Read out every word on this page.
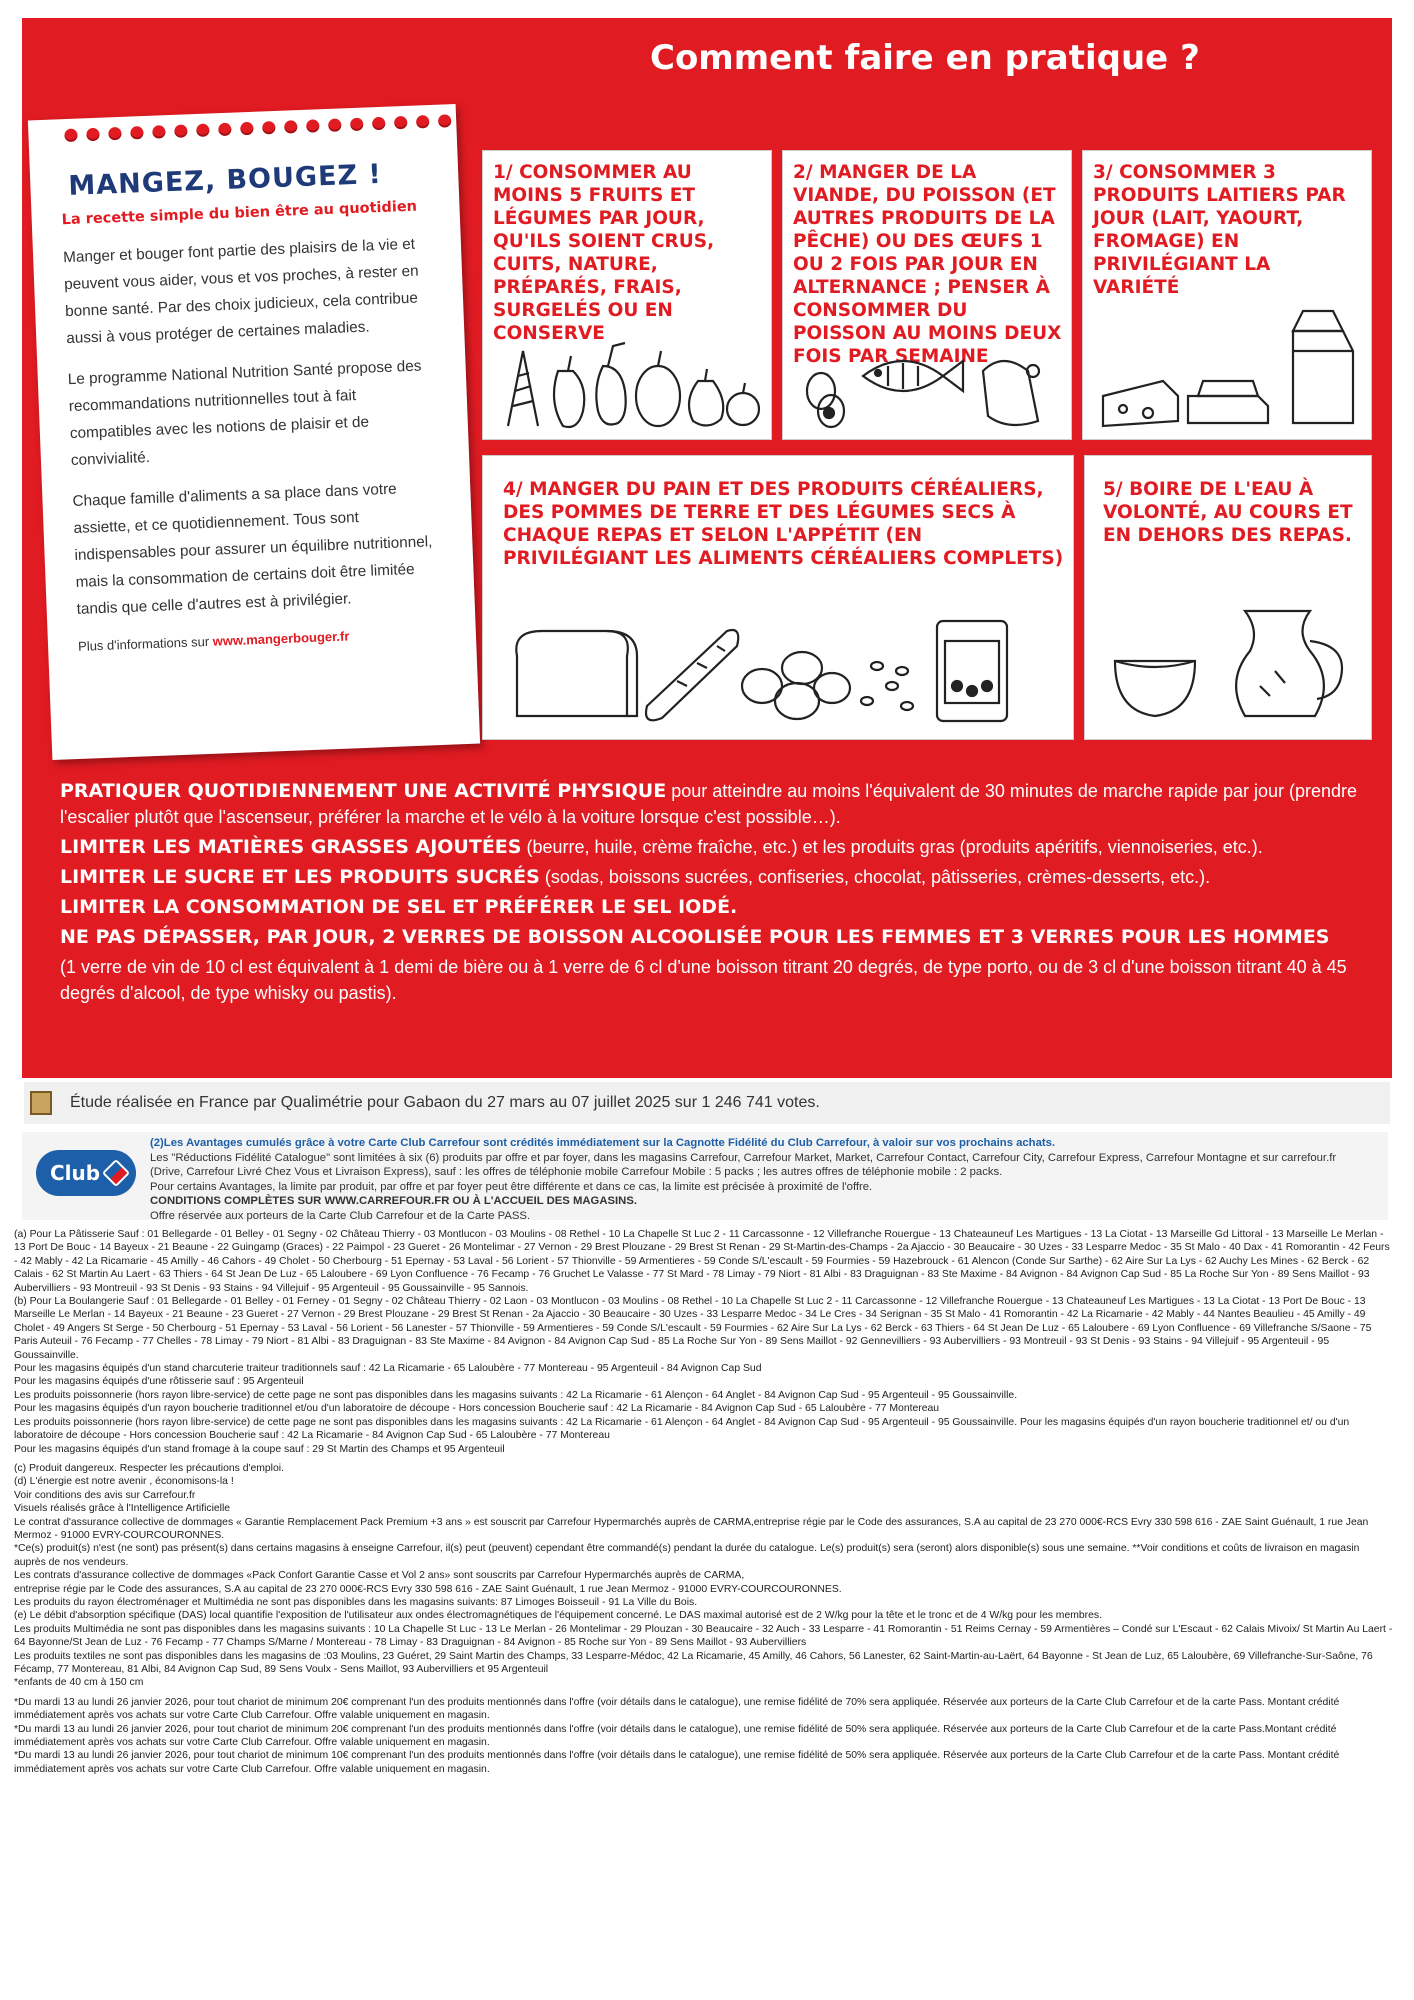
Comment faire en pratique ?
MANGEZ, BOUGEZ !
La recette simple du bien être au quotidien

Manger et bouger font partie des plaisirs de la vie et peuvent vous aider, vous et vos proches, à rester en bonne santé. Par des choix judicieux, cela contribue aussi à vous protéger de certaines maladies.

Le programme National Nutrition Santé propose des recommandations nutritionnelles tout à fait compatibles avec les notions de plaisir et de convivialité.

Chaque famille d'aliments a sa place dans votre assiette, et ce quotidiennement. Tous sont indispensables pour assurer un équilibre nutritionnel, mais la consommation de certains doit être limitée tandis que celle d'autres est à privilégier.

Plus d'informations sur www.mangerbouger.fr
1/ CONSOMMER AU MOINS 5 FRUITS ET LÉGUMES PAR JOUR, QU'ILS SOIENT CRUS, CUITS, NATURE, PRÉPARÉS, FRAIS, SURGELÉS OU EN CONSERVE
2/ MANGER DE LA VIANDE, DU POISSON (ET AUTRES PRODUITS DE LA PÊCHE) OU DES ŒUFS 1 OU 2 FOIS PAR JOUR EN ALTERNANCE ; PENSER À CONSOMMER DU POISSON AU MOINS DEUX FOIS PAR SEMAINE
3/ CONSOMMER 3 PRODUITS LAITIERS PAR JOUR (LAIT, YAOURT, FROMAGE) EN PRIVILÉGIANT LA VARIÉTÉ
4/ MANGER DU PAIN ET DES PRODUITS CÉRÉALIERS, DES POMMES DE TERRE ET DES LÉGUMES SECS À CHAQUE REPAS ET SELON L'APPÉTIT (EN PRIVILÉGIANT LES ALIMENTS CÉRÉALIERS COMPLETS)
5/ BOIRE DE L'EAU À VOLONTÉ, AU COURS ET EN DEHORS DES REPAS.
PRATIQUER QUOTIDIENNEMENT UNE ACTIVITÉ PHYSIQUE pour atteindre au moins l'équivalent de 30 minutes de marche rapide par jour (prendre l'escalier plutôt que l'ascenseur, préférer la marche et le vélo à la voiture lorsque c'est possible…).
LIMITER LES MATIÈRES GRASSES AJOUTÉES (beurre, huile, crème fraîche, etc.) et les produits gras (produits apéritifs, viennoiseries, etc.).
LIMITER LE SUCRE ET LES PRODUITS SUCRÉS (sodas, boissons sucrées, confiseries, chocolat, pâtisseries, crèmes-desserts, etc.).
LIMITER LA CONSOMMATION DE SEL ET PRÉFÉRER LE SEL IODÉ.
NE PAS DÉPASSER, PAR JOUR, 2 VERRES DE BOISSON ALCOOLISÉE POUR LES FEMMES ET 3 VERRES POUR LES HOMMES
(1 verre de vin de 10 cl est équivalent à 1 demi de bière ou à 1 verre de 6 cl d'une boisson titrant 20 degrés, de type porto, ou de 3 cl d'une boisson titrant 40 à 45 degrés d'alcool, de type whisky ou pastis).
Étude réalisée en France par Qualimétrie pour Gabaon du 27 mars au 07 juillet 2025 sur 1 246 741 votes.
Club
(2)Les Avantages cumulés grâce à votre Carte Club Carrefour sont crédités immédiatement sur la Cagnotte Fidélité du Club Carrefour, à valoir sur vos prochains achats.
Les "Réductions Fidélité Catalogue" sont limitées à six (6) produits par offre et par foyer, dans les magasins Carrefour, Carrefour Market, Market, Carrefour Contact, Carrefour City, Carrefour Express, Carrefour Montagne et sur carrefour.fr (Drive, Carrefour Livré Chez Vous et Livraison Express), sauf : les offres de téléphonie mobile Carrefour Mobile : 5 packs ; les autres offres de téléphonie mobile : 2 packs.
Pour certains Avantages, la limite par produit, par offre et par foyer peut être différente et dans ce cas, la limite est précisée à proximité de l'offre.
CONDITIONS COMPLÈTES SUR WWW.CARREFOUR.FR OU À L'ACCUEIL DES MAGASINS.
Offre réservée aux porteurs de la Carte Club Carrefour et de la Carte PASS.
(a) Pour La Pâtisserie Sauf : 01 Bellegarde - 01 Belley - 01 Segny - 02 Château Thierry - 03 Montlucon - 03 Moulins - 08 Rethel - 10 La Chapelle St Luc 2 - 11 Carcassonne - 12 Villefranche Rouergue - 13 Chateauneuf Les Martigues - 13 La Ciotat - 13 Marseille Gd Littoral - 13 Marseille Le Merlan - 13 Port De Bouc - 14 Bayeux - 21 Beaune - 22 Guingamp (Graces) - 22 Paimpol - 23 Gueret - 26 Montelimar - 27 Vernon - 29 Brest Plouzane - 29 Brest St Renan - 29 St-Martin-des-Champs - 2a Ajaccio - 30 Beaucaire - 30 Uzes - 33 Lesparre Medoc - 35 St Malo - 40 Dax - 41 Romorantin - 42 Feurs - 42 Mably - 42 La Ricamarie - 45 Amilly - 46 Cahors - 49 Cholet - 50 Cherbourg - 51 Epernay - 53 Laval - 56 Lorient - 57 Thionville - 59 Armentieres - 59 Conde S/L'escault - 59 Fourmies - 59 Hazebrouck - 61 Alencon (Conde Sur Sarthe) - 62 Aire Sur La Lys - 62 Auchy Les Mines - 62 Berck - 62 Calais - 62 St Martin Au Laert - 63 Thiers - 64 St Jean De Luz - 65 Laloubere - 69 Lyon Confluence - 76 Fecamp - 76 Gruchet Le Valasse - 77 St Mard - 78 Limay - 79 Niort - 81 Albi - 83 Draguignan - 83 Ste Maxime - 84 Avignon - 84 Avignon Cap Sud - 85 La Roche Sur Yon - 89 Sens Maillot - 93 Aubervilliers - 93 Montreuil - 93 St Denis - 93 Stains - 94 Villejuif - 95 Argenteuil - 95 Goussainville - 95 Sannois.
(b) Pour La Boulangerie Sauf : 01 Bellegarde - 01 Belley - 01 Ferney - 01 Segny - 02 Château Thierry - 02 Laon - 03 Montlucon - 03 Moulins - 08 Rethel - 10 La Chapelle St Luc 2 - 11 Carcassonne - 12 Villefranche Rouergue - 13 Chateauneuf Les Martigues - 13 La Ciotat - 13 Port De Bouc - 13 Marseille Le Merlan - 14 Bayeux - 21 Beaune - 23 Gueret - 27 Vernon - 29 Brest Plouzane - 29 Brest St Renan - 2a Ajaccio - 30 Beaucaire - 30 Uzes - 33 Lesparre Medoc - 34 Le Cres - 34 Serignan - 35 St Malo - 41 Romorantin - 42 La Ricamarie - 42 Mably - 44 Nantes Beaulieu - 45 Amilly - 49 Cholet - 49 Angers St Serge - 50 Cherbourg - 51 Epernay - 53 Laval - 56 Lorient - 56 Lanester - 57 Thionville - 59 Armentieres - 59 Conde S/L'escault - 59 Fourmies - 62 Aire Sur La Lys - 62 Berck - 63 Thiers - 64 St Jean De Luz - 65 Laloubere - 69 Lyon Confluence - 69 Villefranche S/Saone - 75 Paris Auteuil - 76 Fecamp - 77 Chelles - 78 Limay - 79 Niort - 81 Albi - 83 Draguignan - 83 Ste Maxime - 84 Avignon - 84 Avignon Cap Sud - 85 La Roche Sur Yon - 89 Sens Maillot - 92 Gennevilliers - 93 Aubervilliers - 93 Montreuil - 93 St Denis - 93 Stains - 94 Villejuif - 95 Argenteuil - 95 Goussainville.
Pour les magasins équipés d'un stand charcuterie traiteur traditionnels sauf : 42 La Ricamarie - 65 Laloubère - 77 Montereau - 95 Argenteuil - 84 Avignon Cap Sud
Pour les magasins équipés d'une rôtisserie sauf : 95 Argenteuil
Les produits poissonnerie (hors rayon libre-service) de cette page ne sont pas disponibles dans les magasins suivants : 42 La Ricamarie - 61 Alençon - 64 Anglet - 84 Avignon Cap Sud - 95 Argenteuil - 95 Goussainville.
Pour les magasins équipés d'un rayon boucherie traditionnel et/ou d'un laboratoire de découpe - Hors concession Boucherie sauf : 42 La Ricamarie - 84 Avignon Cap Sud - 65 Laloubère - 77 Montereau
Les produits poissonnerie (hors rayon libre-service) de cette page ne sont pas disponibles dans les magasins suivants : 42 La Ricamarie - 61 Alençon - 64 Anglet - 84 Avignon Cap Sud - 95 Argenteuil - 95 Goussainville. Pour les magasins équipés d'un rayon boucherie traditionnel et/ ou d'un laboratoire de découpe - Hors concession Boucherie sauf : 42 La Ricamarie - 84 Avignon Cap Sud - 65 Laloubère - 77 Montereau
Pour les magasins équipés d'un stand fromage à la coupe sauf : 29 St Martin des Champs et 95 Argenteuil
(c) Produit dangereux. Respecter les précautions d'emploi.
(d) L'énergie est notre avenir , économisons-la !
Voir conditions des avis sur Carrefour.fr
Visuels réalisés grâce à l'Intelligence Artificielle
Le contrat d'assurance collective de dommages « Garantie Remplacement Pack Premium +3 ans » est souscrit par Carrefour Hypermarchés auprès de CARMA,entreprise régie par le Code des assurances, S.A au capital de 23 270 000€-RCS Evry 330 598 616 - ZAE Saint Guénault, 1 rue Jean Mermoz - 91000 EVRY-COURCOURONNES.
*Ce(s) produit(s) n'est (ne sont) pas présent(s) dans certains magasins à enseigne Carrefour, il(s) peut (peuvent) cependant être commandé(s) pendant la durée du catalogue. Le(s) produit(s) sera (seront) alors disponible(s) sous une semaine. **Voir conditions et coûts de livraison en magasin auprès de nos vendeurs.
Les contrats d'assurance collective de dommages «Pack Confort Garantie Casse et Vol 2 ans» sont souscrits par Carrefour Hypermarchés auprès de CARMA,
entreprise régie par le Code des assurances, S.A au capital de 23 270 000€-RCS Evry 330 598 616 - ZAE Saint Guénault, 1 rue Jean Mermoz - 91000 EVRY-COURCOURONNES.
Les produits du rayon électroménager et Multimédia ne sont pas disponibles dans les magasins suivants: 87 Limoges Boisseuil - 91 La Ville du Bois.
(e) Le débit d'absorption spécifique (DAS) local quantifie l'exposition de l'utilisateur aux ondes électromagnétiques de l'équipement concerné. Le DAS maximal autorisé est de 2 W/kg pour la tête et le tronc et de 4 W/kg pour les membres.
Les produits Multimédia ne sont pas disponibles dans les magasins suivants : 10 La Chapelle St Luc - 13 Le Merlan - 26 Montelimar - 29 Plouzan - 30 Beaucaire - 32 Auch - 33 Lesparre - 41 Romorantin - 51 Reims Cernay - 59 Armentières – Condé sur L'Escaut - 62 Calais Mivoix/ St Martin Au Laert - 64 Bayonne/St Jean de Luz - 76 Fecamp - 77 Champs S/Marne / Montereau - 78 Limay - 83 Draguignan - 84 Avignon - 85 Roche sur Yon - 89 Sens Maillot - 93 Aubervilliers
Les produits textiles ne sont pas disponibles dans les magasins de :03 Moulins, 23 Guéret, 29 Saint Martin des Champs, 33 Lesparre-Médoc, 42 La Ricamarie, 45 Amilly, 46 Cahors, 56 Lanester, 62 Saint-Martin-au-Laërt, 64 Bayonne - St Jean de Luz, 65 Laloubère, 69 Villefranche-Sur-Saône, 76 Fécamp, 77 Montereau, 81 Albi, 84 Avignon Cap Sud, 89 Sens Voulx - Sens Maillot, 93 Aubervilliers et 95 Argenteuil
*enfants de 40 cm à 150 cm
*Du mardi 13 au lundi 26 janvier 2026, pour tout chariot de minimum 20€ comprenant l'un des produits mentionnés dans l'offre (voir détails dans le catalogue), une remise fidélité de 70% sera appliquée. Réservée aux porteurs de la Carte Club Carrefour et de la carte Pass. Montant crédité immédiatement après vos achats sur votre Carte Club Carrefour. Offre valable uniquement en magasin.
*Du mardi 13 au lundi 26 janvier 2026, pour tout chariot de minimum 20€ comprenant l'un des produits mentionnés dans l'offre (voir détails dans le catalogue), une remise fidélité de 50% sera appliquée. Réservée aux porteurs de la Carte Club Carrefour et de la carte Pass.Montant crédité immédiatement après vos achats sur votre Carte Club Carrefour. Offre valable uniquement en magasin.
*Du mardi 13 au lundi 26 janvier 2026, pour tout chariot de minimum 10€ comprenant l'un des produits mentionnés dans l'offre (voir détails dans le catalogue), une remise fidélité de 50% sera appliquée. Réservée aux porteurs de la Carte Club Carrefour et de la carte Pass. Montant crédité immédiatement après vos achats sur votre Carte Club Carrefour. Offre valable uniquement en magasin.
